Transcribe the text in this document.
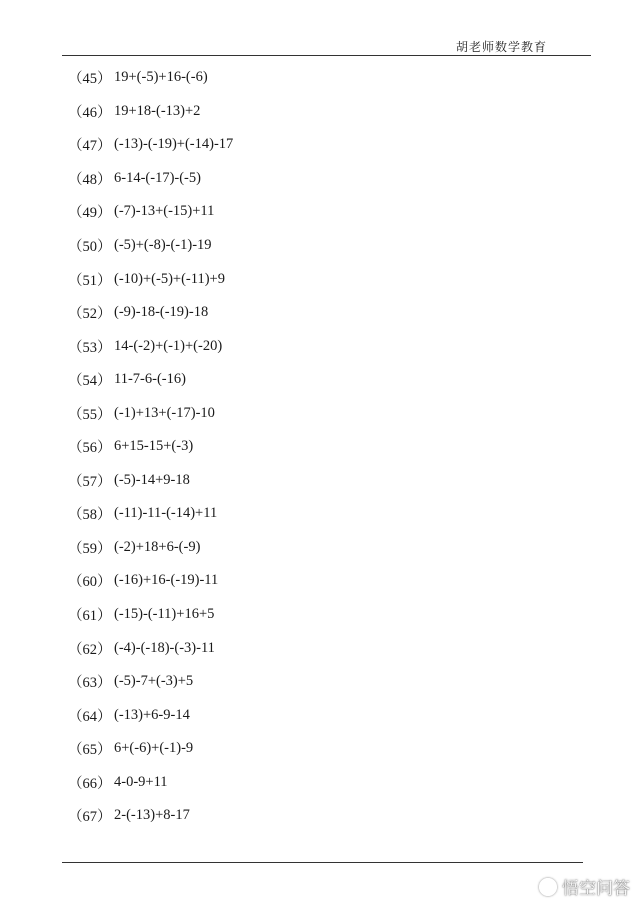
胡老师数学教育
（45） 19+(-5)+16-(-6)
（46） 19+18-(-13)+2
（47） (-13)-(-19)+(-14)-17
（48） 6-14-(-17)-(-5)
（49） (-7)-13+(-15)+11
（50） (-5)+(-8)-(-1)-19
（51） (-10)+(-5)+(-11)+9
（52） (-9)-18-(-19)-18
（53） 14-(-2)+(-1)+(-20)
（54） 11-7-6-(-16)
（55） (-1)+13+(-17)-10
（56） 6+15-15+(-3)
（57） (-5)-14+9-18
（58） (-11)-11-(-14)+11
（59） (-2)+18+6-(-9)
（60） (-16)+16-(-19)-11
（61） (-15)-(-11)+16+5
（62） (-4)-(-18)-(-3)-11
（63） (-5)-7+(-3)+5
（64） (-13)+6-9-14
（65） 6+(-6)+(-1)-9
（66） 4-0-9+11
（67） 2-(-13)+8-17
悟空问答
